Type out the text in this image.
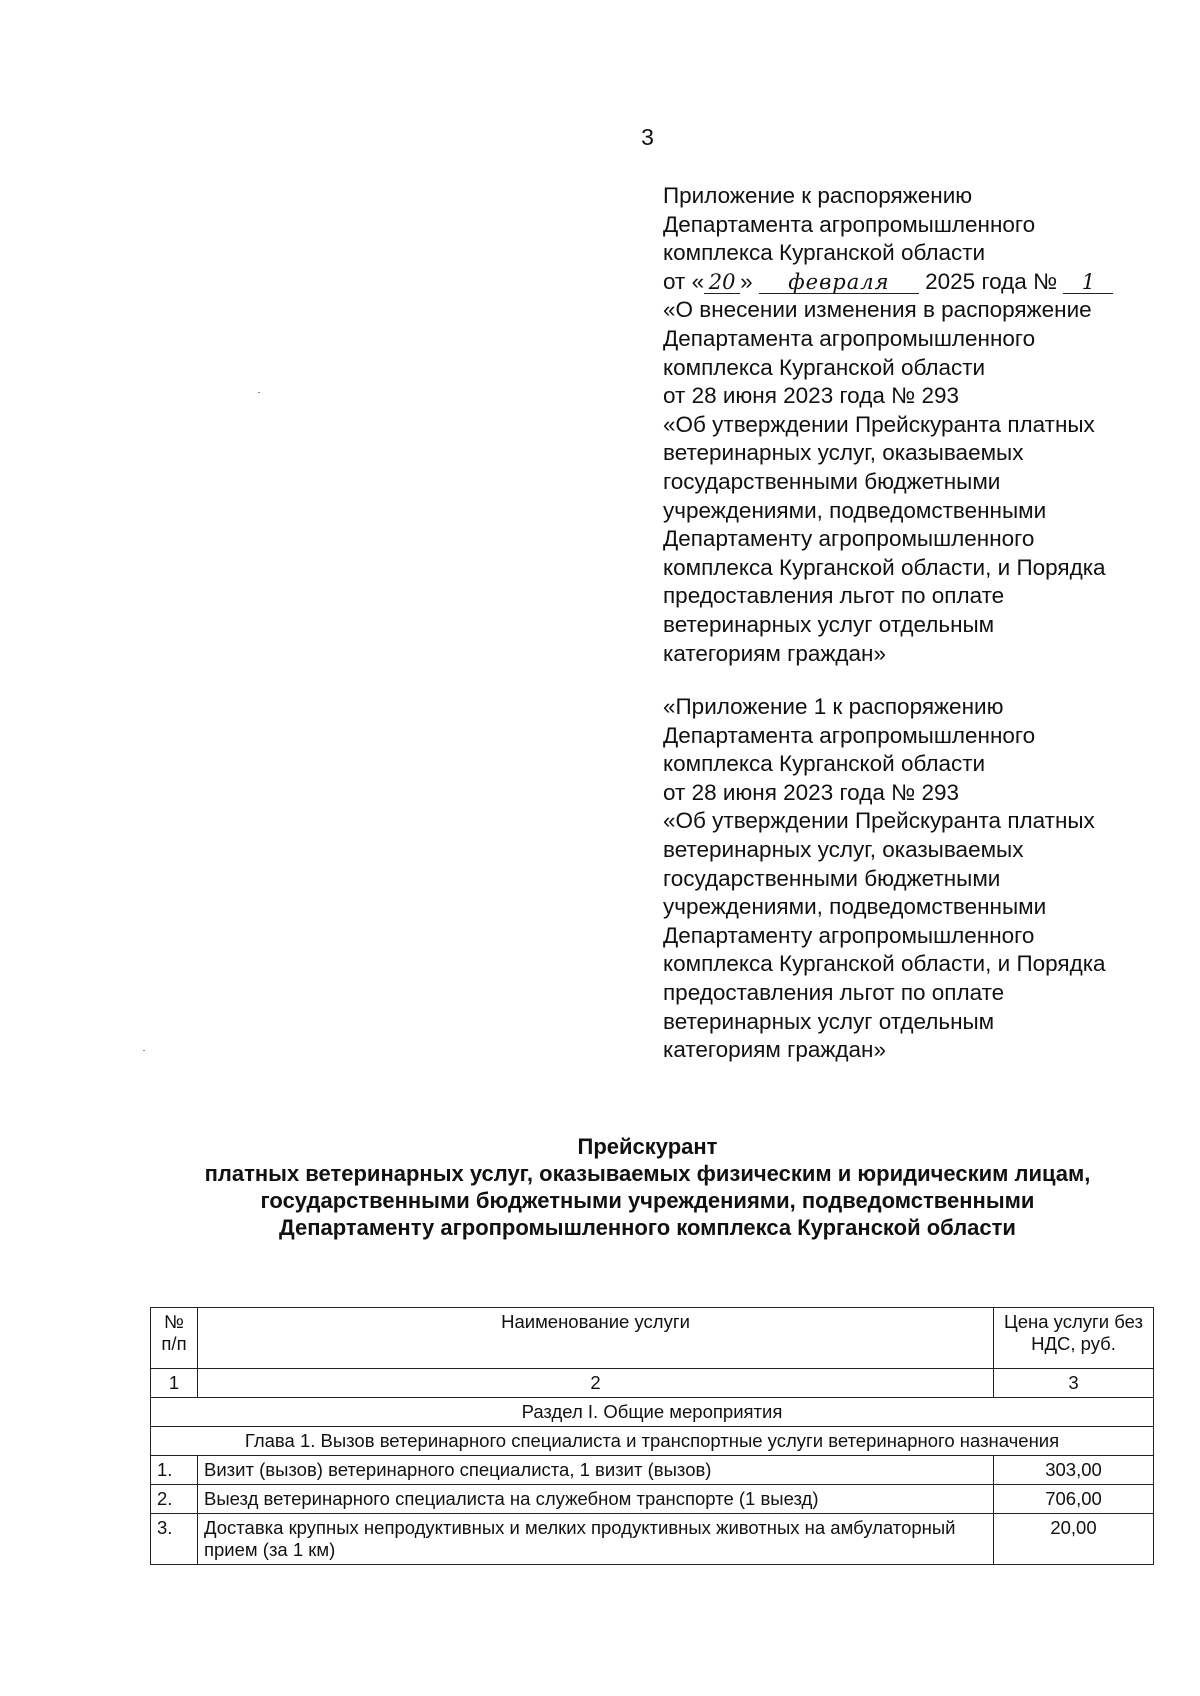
3
Приложение к распоряжению
Департамента агропромышленного
комплекса Курганской области
от « 20 » февраля 2025 года № 1
«О внесении изменения в распоряжение
Департамента агропромышленного
комплекса Курганской области
от 28 июня 2023 года № 293
«Об утверждении Прейскуранта платных
ветеринарных услуг, оказываемых
государственными бюджетными
учреждениями, подведомственными
Департаменту агропромышленного
комплекса Курганской области, и Порядка
предоставления льгот по оплате
ветеринарных услуг отдельным
категориям граждан»
«Приложение 1 к распоряжению
Департамента агропромышленного
комплекса Курганской области
от 28 июня 2023 года № 293
«Об утверждении Прейскуранта платных
ветеринарных услуг, оказываемых
государственными бюджетными
учреждениями, подведомственными
Департаменту агропромышленного
комплекса Курганской области, и Порядка
предоставления льгот по оплате
ветеринарных услуг отдельным
категориям граждан»
Прейскурант
платных ветеринарных услуг, оказываемых физическим и юридическим лицам,
государственными бюджетными учреждениями, подведомственными
Департаменту агропромышленного комплекса Курганской области
№ п/п	Наименование услуги	Цена услуги без НДС, руб.
1	2	3
Раздел I. Общие мероприятия		
Глава 1. Вызов ветеринарного специалиста и транспортные услуги ветеринарного назначения		
1.	Визит (вызов) ветеринарного специалиста, 1 визит (вызов)	303,00
2.	Выезд ветеринарного специалиста на служебном транспорте (1 выезд)	706,00
3.	Доставка крупных непродуктивных и мелких продуктивных животных на амбулаторный прием (за 1 км)	20,00
